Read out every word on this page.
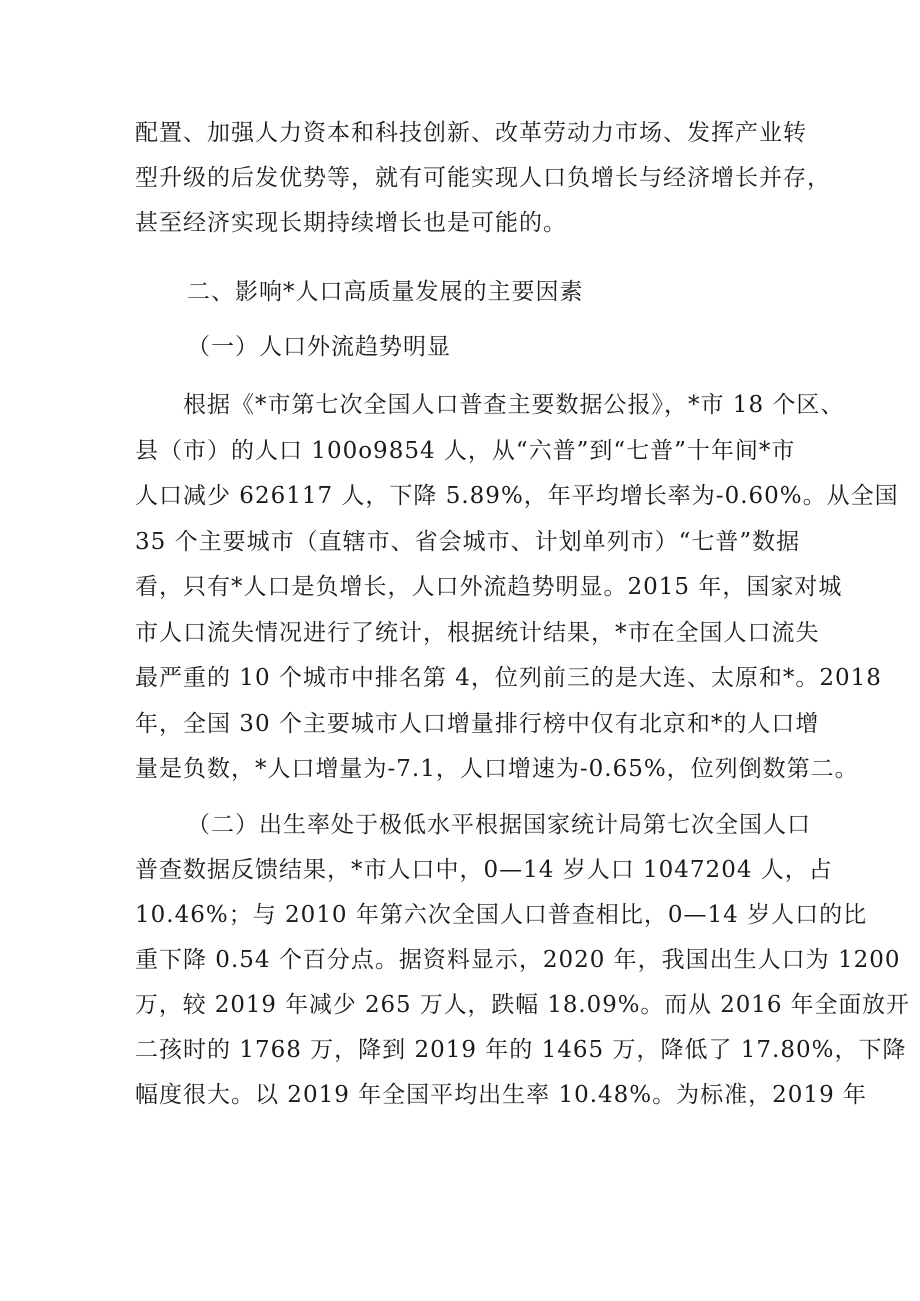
配置、加强人力资本和科技创新、改革劳动力市场、发挥产业转
型升级的后发优势等，就有可能实现人口负增长与经济增长并存，
甚至经济实现长期持续增长也是可能的。
二、影响*人口高质量发展的主要因素
（一）人口外流趋势明显
根据《*市第七次全国人口普查主要数据公报》，*市 18 个区、
县（市）的人口 100o9854 人，从“六普”到“七普”十年间*市
人口减少 626117 人，下降 5.89%，年平均增长率为-0.60%。从全国
35 个主要城市（直辖市、省会城市、计划单列市）“七普”数据
看，只有*人口是负增长，人口外流趋势明显。2015 年，国家对城
市人口流失情况进行了统计，根据统计结果，*市在全国人口流失
最严重的 10 个城市中排名第 4，位列前三的是大连、太原和*。2018
年，全国 30 个主要城市人口增量排行榜中仅有北京和*的人口增
量是负数，*人口增量为-7.1，人口增速为-0.65%，位列倒数第二。
（二）出生率处于极低水平根据国家统计局第七次全国人口
普查数据反馈结果，*市人口中，0—14 岁人口 1047204 人，占
10.46%；与 2010 年第六次全国人口普查相比，0—14 岁人口的比
重下降 0.54 个百分点。据资料显示，2020 年，我国出生人口为 1200
万，较 2019 年减少 265 万人，跌幅 18.09%。而从 2016 年全面放开
二孩时的 1768 万，降到 2019 年的 1465 万，降低了 17.80%，下降
幅度很大。以 2019 年全国平均出生率 10.48%。为标准，2019 年
